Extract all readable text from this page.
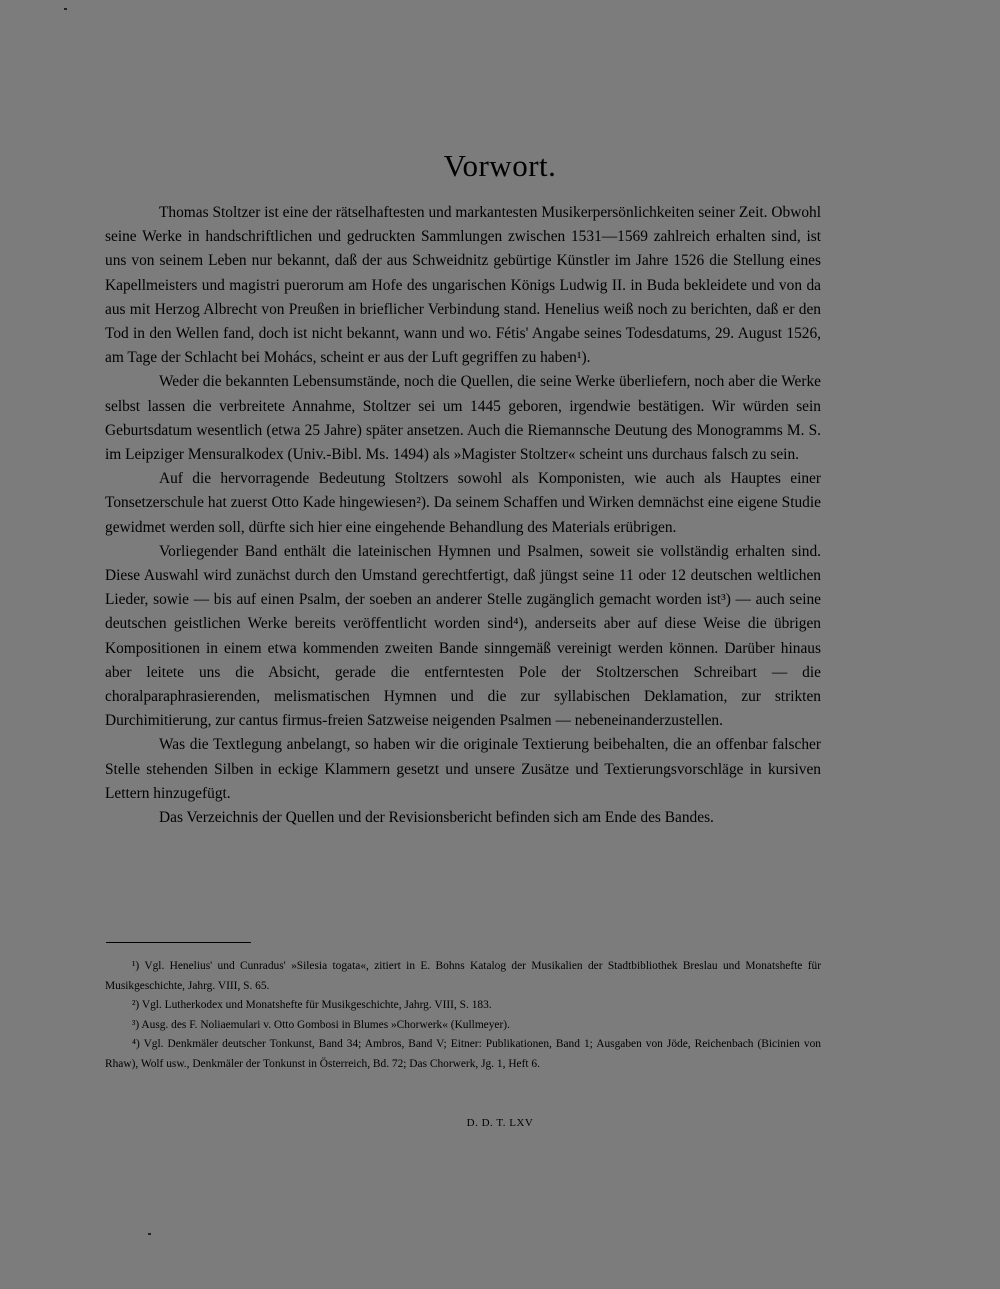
Vorwort.

Thomas Stoltzer ist eine der rätselhaftesten und markantesten Musikerpersönlichkeiten seiner Zeit. Obwohl seine Werke in handschriftlichen und gedruckten Sammlungen zwischen 1531—1569 zahlreich erhalten sind, ist uns von seinem Leben nur bekannt, daß der aus Schweidnitz gebürtige Künstler im Jahre 1526 die Stellung eines Kapellmeisters und magistri puerorum am Hofe des ungarischen Königs Ludwig II. in Buda bekleidete und von da aus mit Herzog Albrecht von Preußen in brieflicher Verbindung stand. Henelius weiß noch zu berichten, daß er den Tod in den Wellen fand, doch ist nicht bekannt, wann und wo. Fétis' Angabe seines Todesdatums, 29. August 1526, am Tage der Schlacht bei Mohács, scheint er aus der Luft gegriffen zu haben¹).

Weder die bekannten Lebensumstände, noch die Quellen, die seine Werke überliefern, noch aber die Werke selbst lassen die verbreitete Annahme, Stoltzer sei um 1445 geboren, irgendwie bestätigen. Wir würden sein Geburtsdatum wesentlich (etwa 25 Jahre) später ansetzen. Auch die Riemannsche Deutung des Monogramms M. S. im Leipziger Mensuralkodex (Univ.-Bibl. Ms. 1494) als »Magister Stoltzer« scheint uns durchaus falsch zu sein.

Auf die hervorragende Bedeutung Stoltzers sowohl als Komponisten, wie auch als Hauptes einer Tonsetzerschule hat zuerst Otto Kade hingewiesen²). Da seinem Schaffen und Wirken demnächst eine eigene Studie gewidmet werden soll, dürfte sich hier eine eingehende Behandlung des Materials erübrigen.

Vorliegender Band enthält die lateinischen Hymnen und Psalmen, soweit sie vollständig erhalten sind. Diese Auswahl wird zunächst durch den Umstand gerechtfertigt, daß jüngst seine 11 oder 12 deutschen weltlichen Lieder, sowie — bis auf einen Psalm, der soeben an anderer Stelle zugänglich gemacht worden ist³) — auch seine deutschen geistlichen Werke bereits veröffentlicht worden sind⁴), anderseits aber auf diese Weise die übrigen Kompositionen in einem etwa kommenden zweiten Bande sinngemäß vereinigt werden können. Darüber hinaus aber leitete uns die Absicht, gerade die entferntesten Pole der Stoltzerschen Schreibart — die choralparaphrasierenden, melismatischen Hymnen und die zur syllabischen Deklamation, zur strikten Durchimitierung, zur cantus firmus-freien Satzweise neigenden Psalmen — nebeneinanderzustellen.

Was die Textlegung anbelangt, so haben wir die originale Textierung beibehalten, die an offenbar falscher Stelle stehenden Silben in eckige Klammern gesetzt und unsere Zusätze und Textierungsvorschläge in kursiven Lettern hinzugefügt.

Das Verzeichnis der Quellen und der Revisionsbericht befinden sich am Ende des Bandes.

¹) Vgl. Henelius' und Cunradus' »Silesia togata«, zitiert in E. Bohns Katalog der Musikalien der Stadtbibliothek Breslau und Monatshefte für Musikgeschichte, Jahrg. VIII, S. 65.

²) Vgl. Lutherkodex und Monatshefte für Musikgeschichte, Jahrg. VIII, S. 183.

³) Ausg. des F. Noliaemulari v. Otto Gombosi in Blumes »Chorwerk« (Kullmeyer).

⁴) Vgl. Denkmäler deutscher Tonkunst, Band 34; Ambros, Band V; Eitner: Publikationen, Band 1; Ausgaben von Jöde, Reichenbach (Bicinien von Rhaw), Wolf usw., Denkmäler der Tonkunst in Österreich, Bd. 72; Das Chorwerk, Jg. 1, Heft 6.

D. D. T. LXV
